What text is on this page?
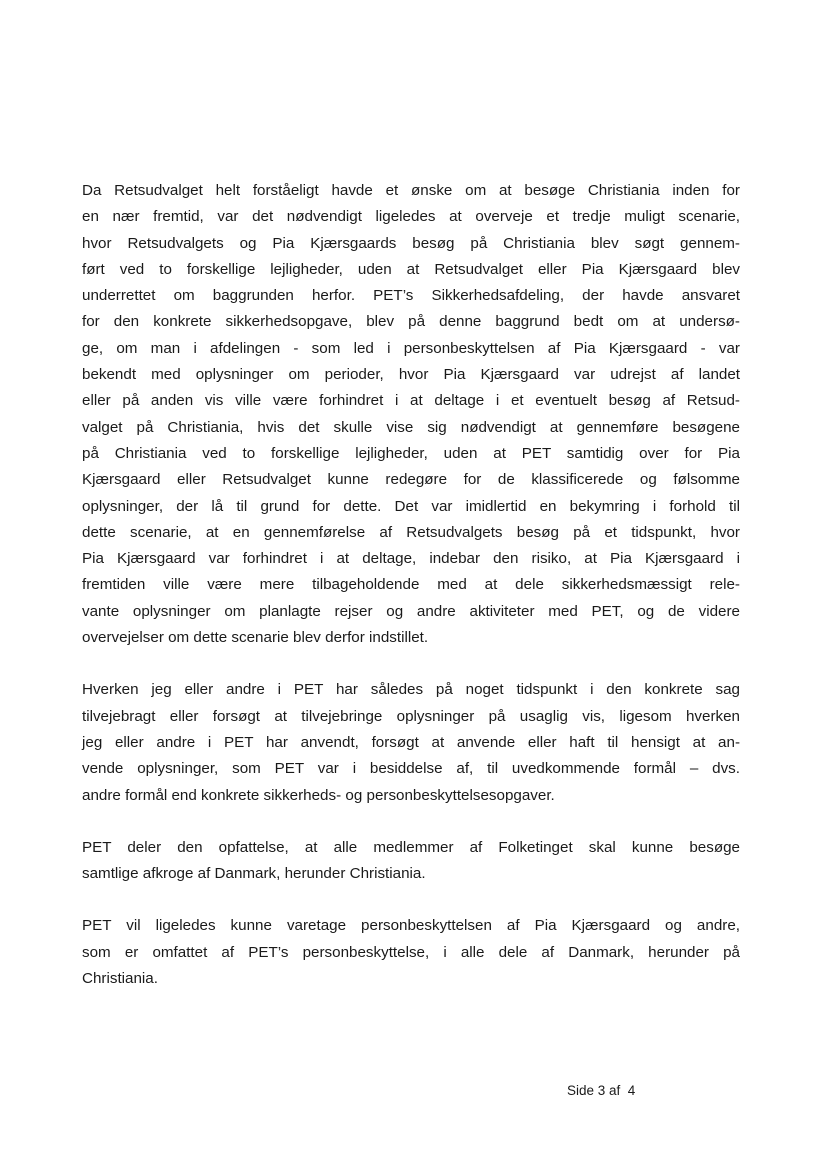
Da Retsudvalget helt forståeligt havde et ønske om at besøge Christiania inden for
en nær fremtid, var det nødvendigt ligeledes at overveje et tredje muligt scenarie,
hvor Retsudvalgets og Pia Kjærsgaards besøg på Christiania blev søgt gennem-
ført ved to forskellige lejligheder, uden at Retsudvalget eller Pia Kjærsgaard blev
underrettet om baggrunden herfor. PET’s Sikkerhedsafdeling, der havde ansvaret
for den konkrete sikkerhedsopgave, blev på denne baggrund bedt om at undersø-
ge, om man i afdelingen - som led i personbeskyttelsen af Pia Kjærsgaard - var
bekendt med oplysninger om perioder, hvor Pia Kjærsgaard var udrejst af landet
eller på anden vis ville være forhindret i at deltage i et eventuelt besøg af Retsud-
valget på Christiania, hvis det skulle vise sig nødvendigt at gennemføre besøgene
på Christiania ved to forskellige lejligheder, uden at PET samtidig over for Pia
Kjærsgaard eller Retsudvalget kunne redegøre for de klassificerede og følsomme
oplysninger, der lå til grund for dette. Det var imidlertid en bekymring i forhold til
dette scenarie, at en gennemførelse af Retsudvalgets besøg på et tidspunkt, hvor
Pia Kjærsgaard var forhindret i at deltage, indebar den risiko, at Pia Kjærsgaard i
fremtiden ville være mere tilbageholdende med at dele sikkerhedsmæssigt rele-
vante oplysninger om planlagte rejser og andre aktiviteter med PET, og de videre
overvejelser om dette scenarie blev derfor indstillet.

Hverken jeg eller andre i PET har således på noget tidspunkt i den konkrete sag
tilvejebragt eller forsøgt at tilvejebringe oplysninger på usaglig vis, ligesom hverken
jeg eller andre i PET har anvendt, forsøgt at anvende eller haft til hensigt at an-
vende oplysninger, som PET var i besiddelse af, til uvedkommende formål – dvs.
andre formål end konkrete sikkerheds- og personbeskyttelsesopgaver.

PET deler den opfattelse, at alle medlemmer af Folketinget skal kunne besøge
samtlige afkroge af Danmark, herunder Christiania.

PET vil ligeledes kunne varetage personbeskyttelsen af Pia Kjærsgaard og andre,
som er omfattet af PET’s personbeskyttelse, i alle dele af Danmark, herunder på
Christiania.

Side 3 af  4
